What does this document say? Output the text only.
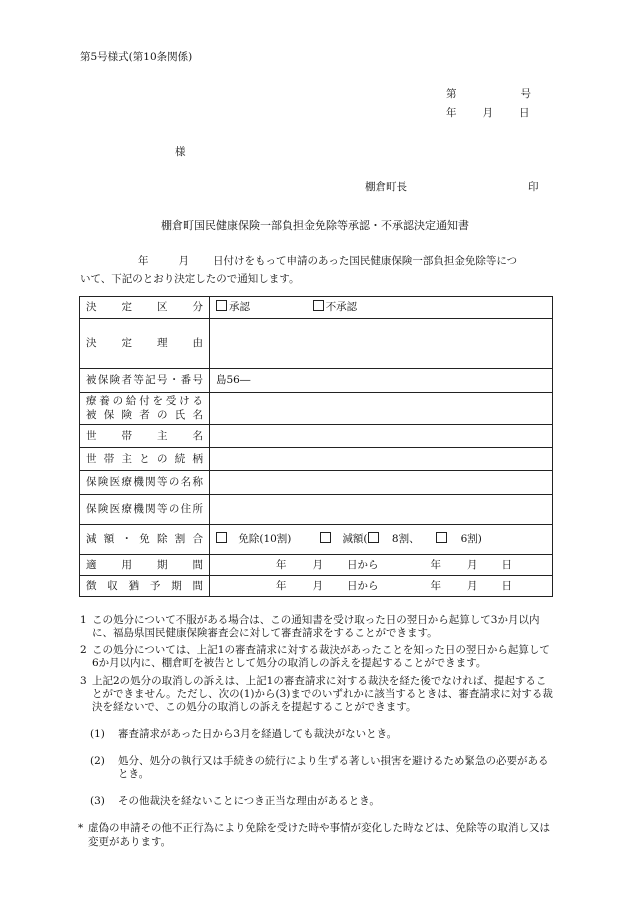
第5号様式(第10条関係)
第	号
年 月 日
様
棚倉町長	印
棚倉町国民健康保険一部負担金免除等承認・不承認決定通知書
年	月 日付けをもって申請のあった国民健康保険一部負担金免除等につ
いて、下記のとおり決定したので通知します。
決定区分	承認 不承認
決定理由	
被保険者等記号・番号	島56―

療養の給付を受ける
被保険者の氏名	

世帯主名	
世帯主との続柄	
保険医療機関等の名称	
保険医療機関等の住所	
減額・免除割合	免除(10割) 減額( 8割、 6割)
適用期間	年 月 日から 年 月 日
徴収猶予期間	年 月 日から 年 月 日
1 この処分について不服がある場合は、この通知書を受け取った日の翌日から起算して3か月以内に、福島県国民健康保険審査会に対して審査請求をすることができます。
2 この処分については、上記1の審査請求に対する裁決があったことを知った日の翌日から起算して6か月以内に、棚倉町を被告として処分の取消しの訴えを提起することができます。
3 上記2の処分の取消しの訴えは、上記1の審査請求に対する裁決を経た後でなければ、提起することができません。ただし、次の(1)から(3)までのいずれかに該当するときは、審査請求に対する裁決を経ないで、この処分の取消しの訴えを提起することができます。
(1) 審査請求があった日から3月を経過しても裁決がないとき。
(2) 処分、処分の執行又は手続きの続行により生ずる著しい損害を避けるため緊急の必要があるとき。
(3) その他裁決を経ないことにつき正当な理由があるとき。
* 虚偽の申請その他不正行為により免除を受けた時や事情が変化した時などは、免除等の取消し又は変更があります。
